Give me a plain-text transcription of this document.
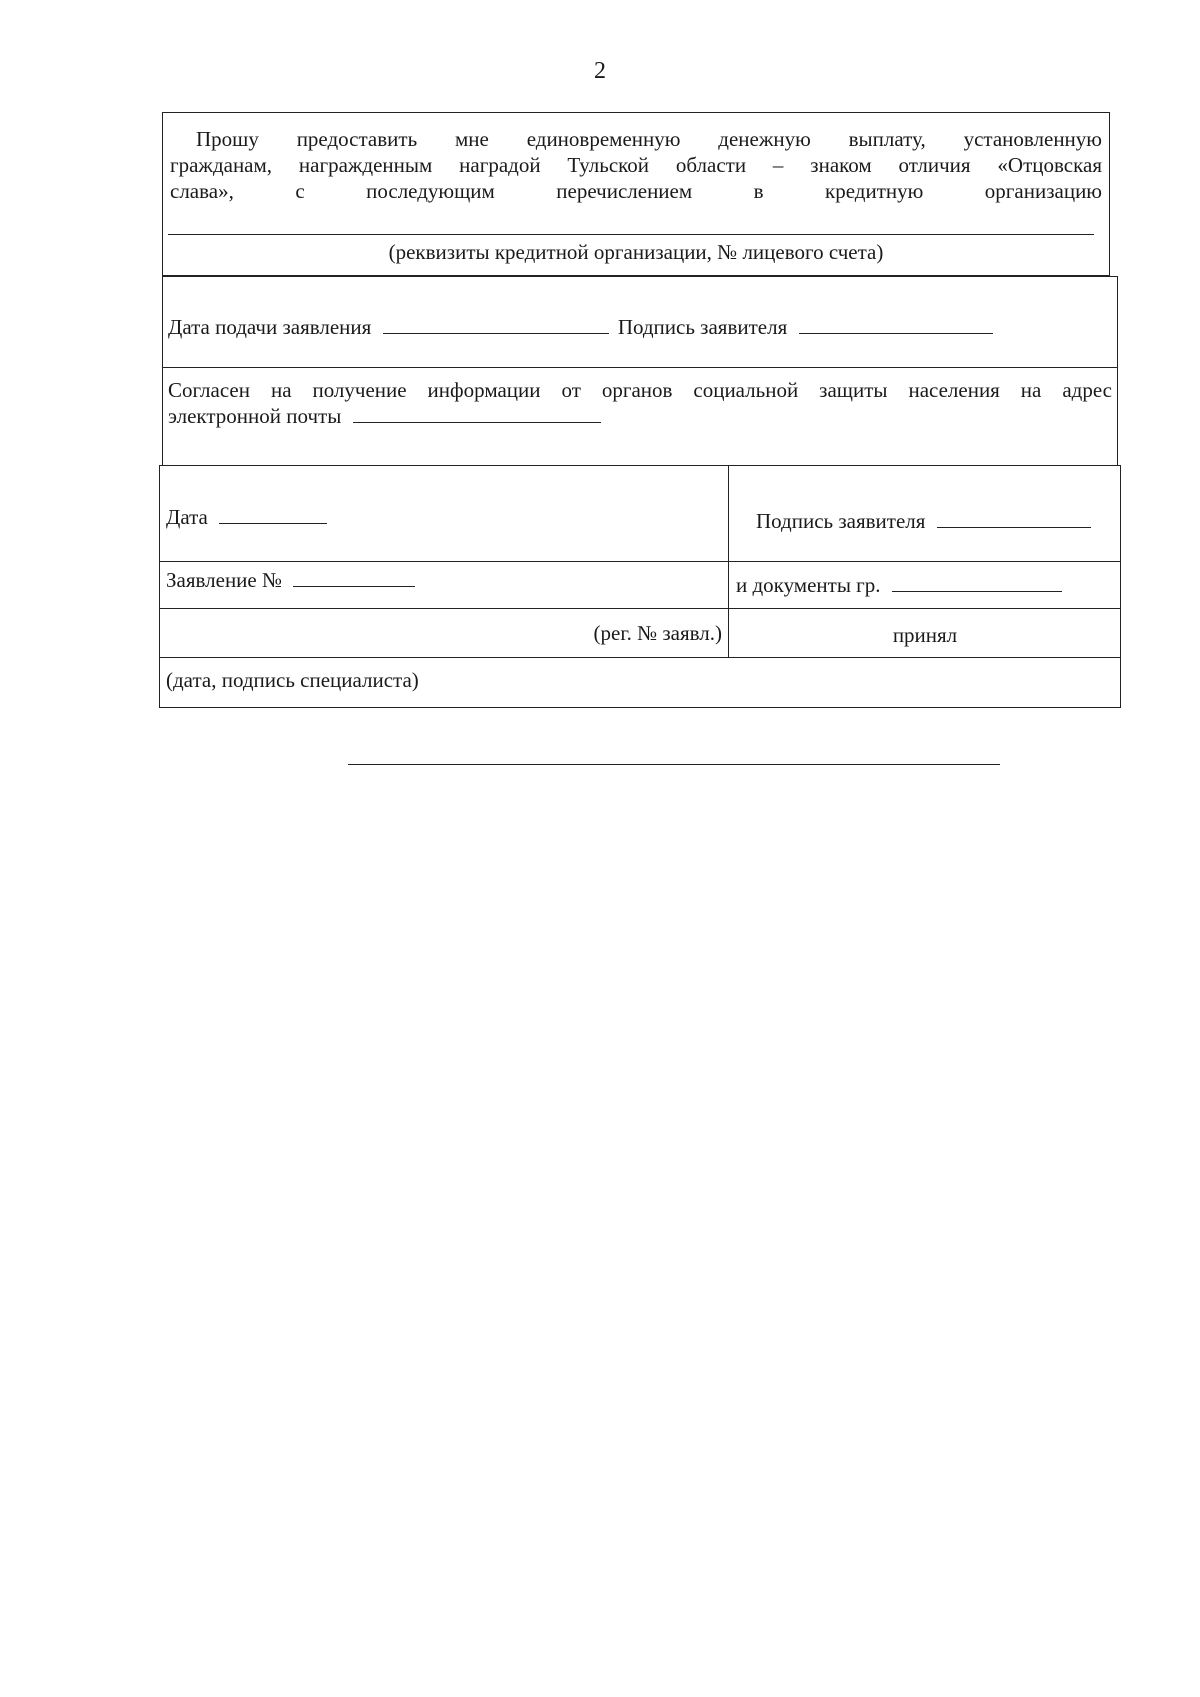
2
Прошу предоставить мне единовременную денежную выплату, установленную
гражданам, награжденным наградой Тульской области – знаком отличия «Отцовская
слава», с последующим перечислением в кредитную организацию
(реквизиты кредитной организации, № лицевого счета)
Дата подачи заявления	Подпись заявителя
Согласен на получение информации от органов социальной защиты населения на адрес
электронной почты
Дата	Подпись заявителя
Заявление №	и документы гр.
(рег. № заявл.)	принял
(дата, подпись специалиста)
